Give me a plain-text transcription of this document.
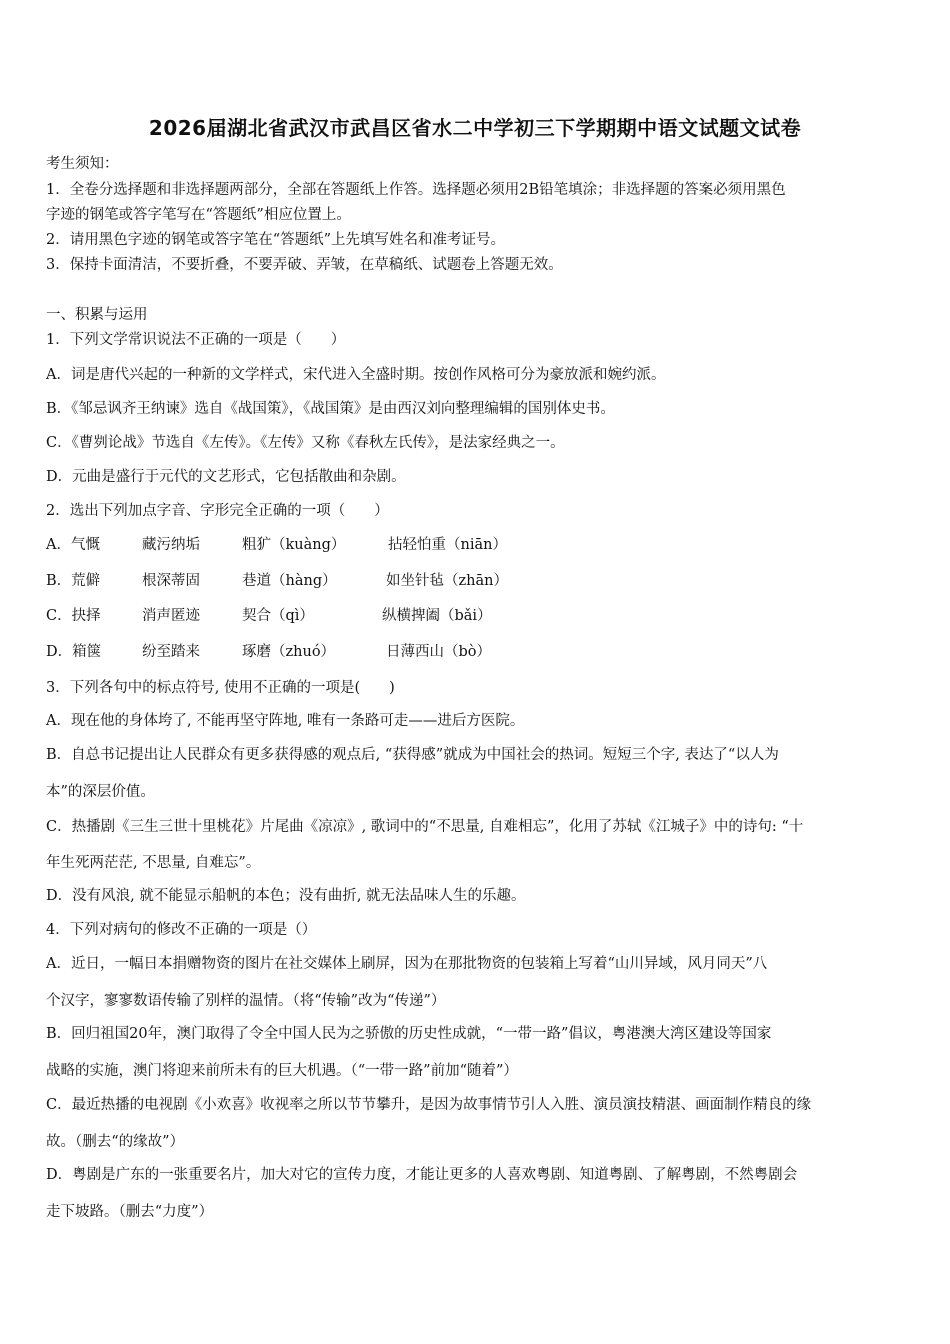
2026届湖北省武汉市武昌区省水二中学初三下学期期中语文试题文试卷
考生须知：
1．全卷分选择题和非选择题两部分，全部在答题纸上作答。选择题必须用2B铅笔填涂；非选择题的答案必须用黑色
字迹的钢笔或答字笔写在“答题纸”相应位置上。
2．请用黑色字迹的钢笔或答字笔在“答题纸”上先填写姓名和准考证号。
3．保持卡面清洁，不要折叠，不要弄破、弄皱，在草稿纸、试题卷上答题无效。
一、积累与运用
1．下列文学常识说法不正确的一项是（　　）
A．词是唐代兴起的一种新的文学样式，宋代进入全盛时期。按创作风格可分为豪放派和婉约派。
B．《邹忌讽齐王纳谏》选自《战国策》，《战国策》是由西汉刘向整理编辑的国别体史书。
C．《曹刿论战》节选自《左传》。《左传》又称《春秋左氏传》，是法家经典之一。
D．元曲是盛行于元代的文艺形式，它包括散曲和杂剧。
2．选出下列加点字音、字形完全正确的一项（　　）
A．气慨	藏污纳垢	粗犷（kuàng）	拈轻怕重（niān）
B．荒僻	根深蒂固	巷道（hàng）	如坐针毡（zhān）
C．抉择	消声匿迹	契合（qì）	纵横捭阖（bǎi）
D．箱箧	纷至踏来	琢磨（zhuó）	日薄西山（bò）
3．下列各句中的标点符号, 使用不正确的一项是(　　)
A．现在他的身体垮了, 不能再坚守阵地, 唯有一条路可走——进后方医院。
B．自总书记提出让人民群众有更多获得感的观点后, “获得感”就成为中国社会的热词。短短三个字, 表达了“以人为
本”的深层价值。
C．热播剧《三生三世十里桃花》片尾曲《凉凉》, 歌词中的“不思量, 自难相忘”，化用了苏轼《江城子》中的诗句: “十
年生死两茫茫, 不思量, 自难忘”。
D．没有风浪, 就不能显示船帆的本色；没有曲折, 就无法品味人生的乐趣。
4．下列对病句的修改不正确的一项是（）
A．近日，一幅日本捐赠物资的图片在社交媒体上刷屏，因为在那批物资的包装箱上写着“山川异域，风月同天”八
个汉字，寥寥数语传输了别样的温情。（将“传输”改为“传递”）
B．回归祖国20年，澳门取得了令全中国人民为之骄傲的历史性成就，“一带一路”倡议，粤港澳大湾区建设等国家
战略的实施，澳门将迎来前所未有的巨大机遇。（“一带一路”前加“随着”）
C．最近热播的电视剧《小欢喜》收视率之所以节节攀升，是因为故事情节引人入胜、演员演技精湛、画面制作精良的缘
故。（删去“的缘故”）
D．粤剧是广东的一张重要名片，加大对它的宣传力度，才能让更多的人喜欢粤剧、知道粤剧、了解粤剧，不然粤剧会
走下坡路。（删去“力度”）
